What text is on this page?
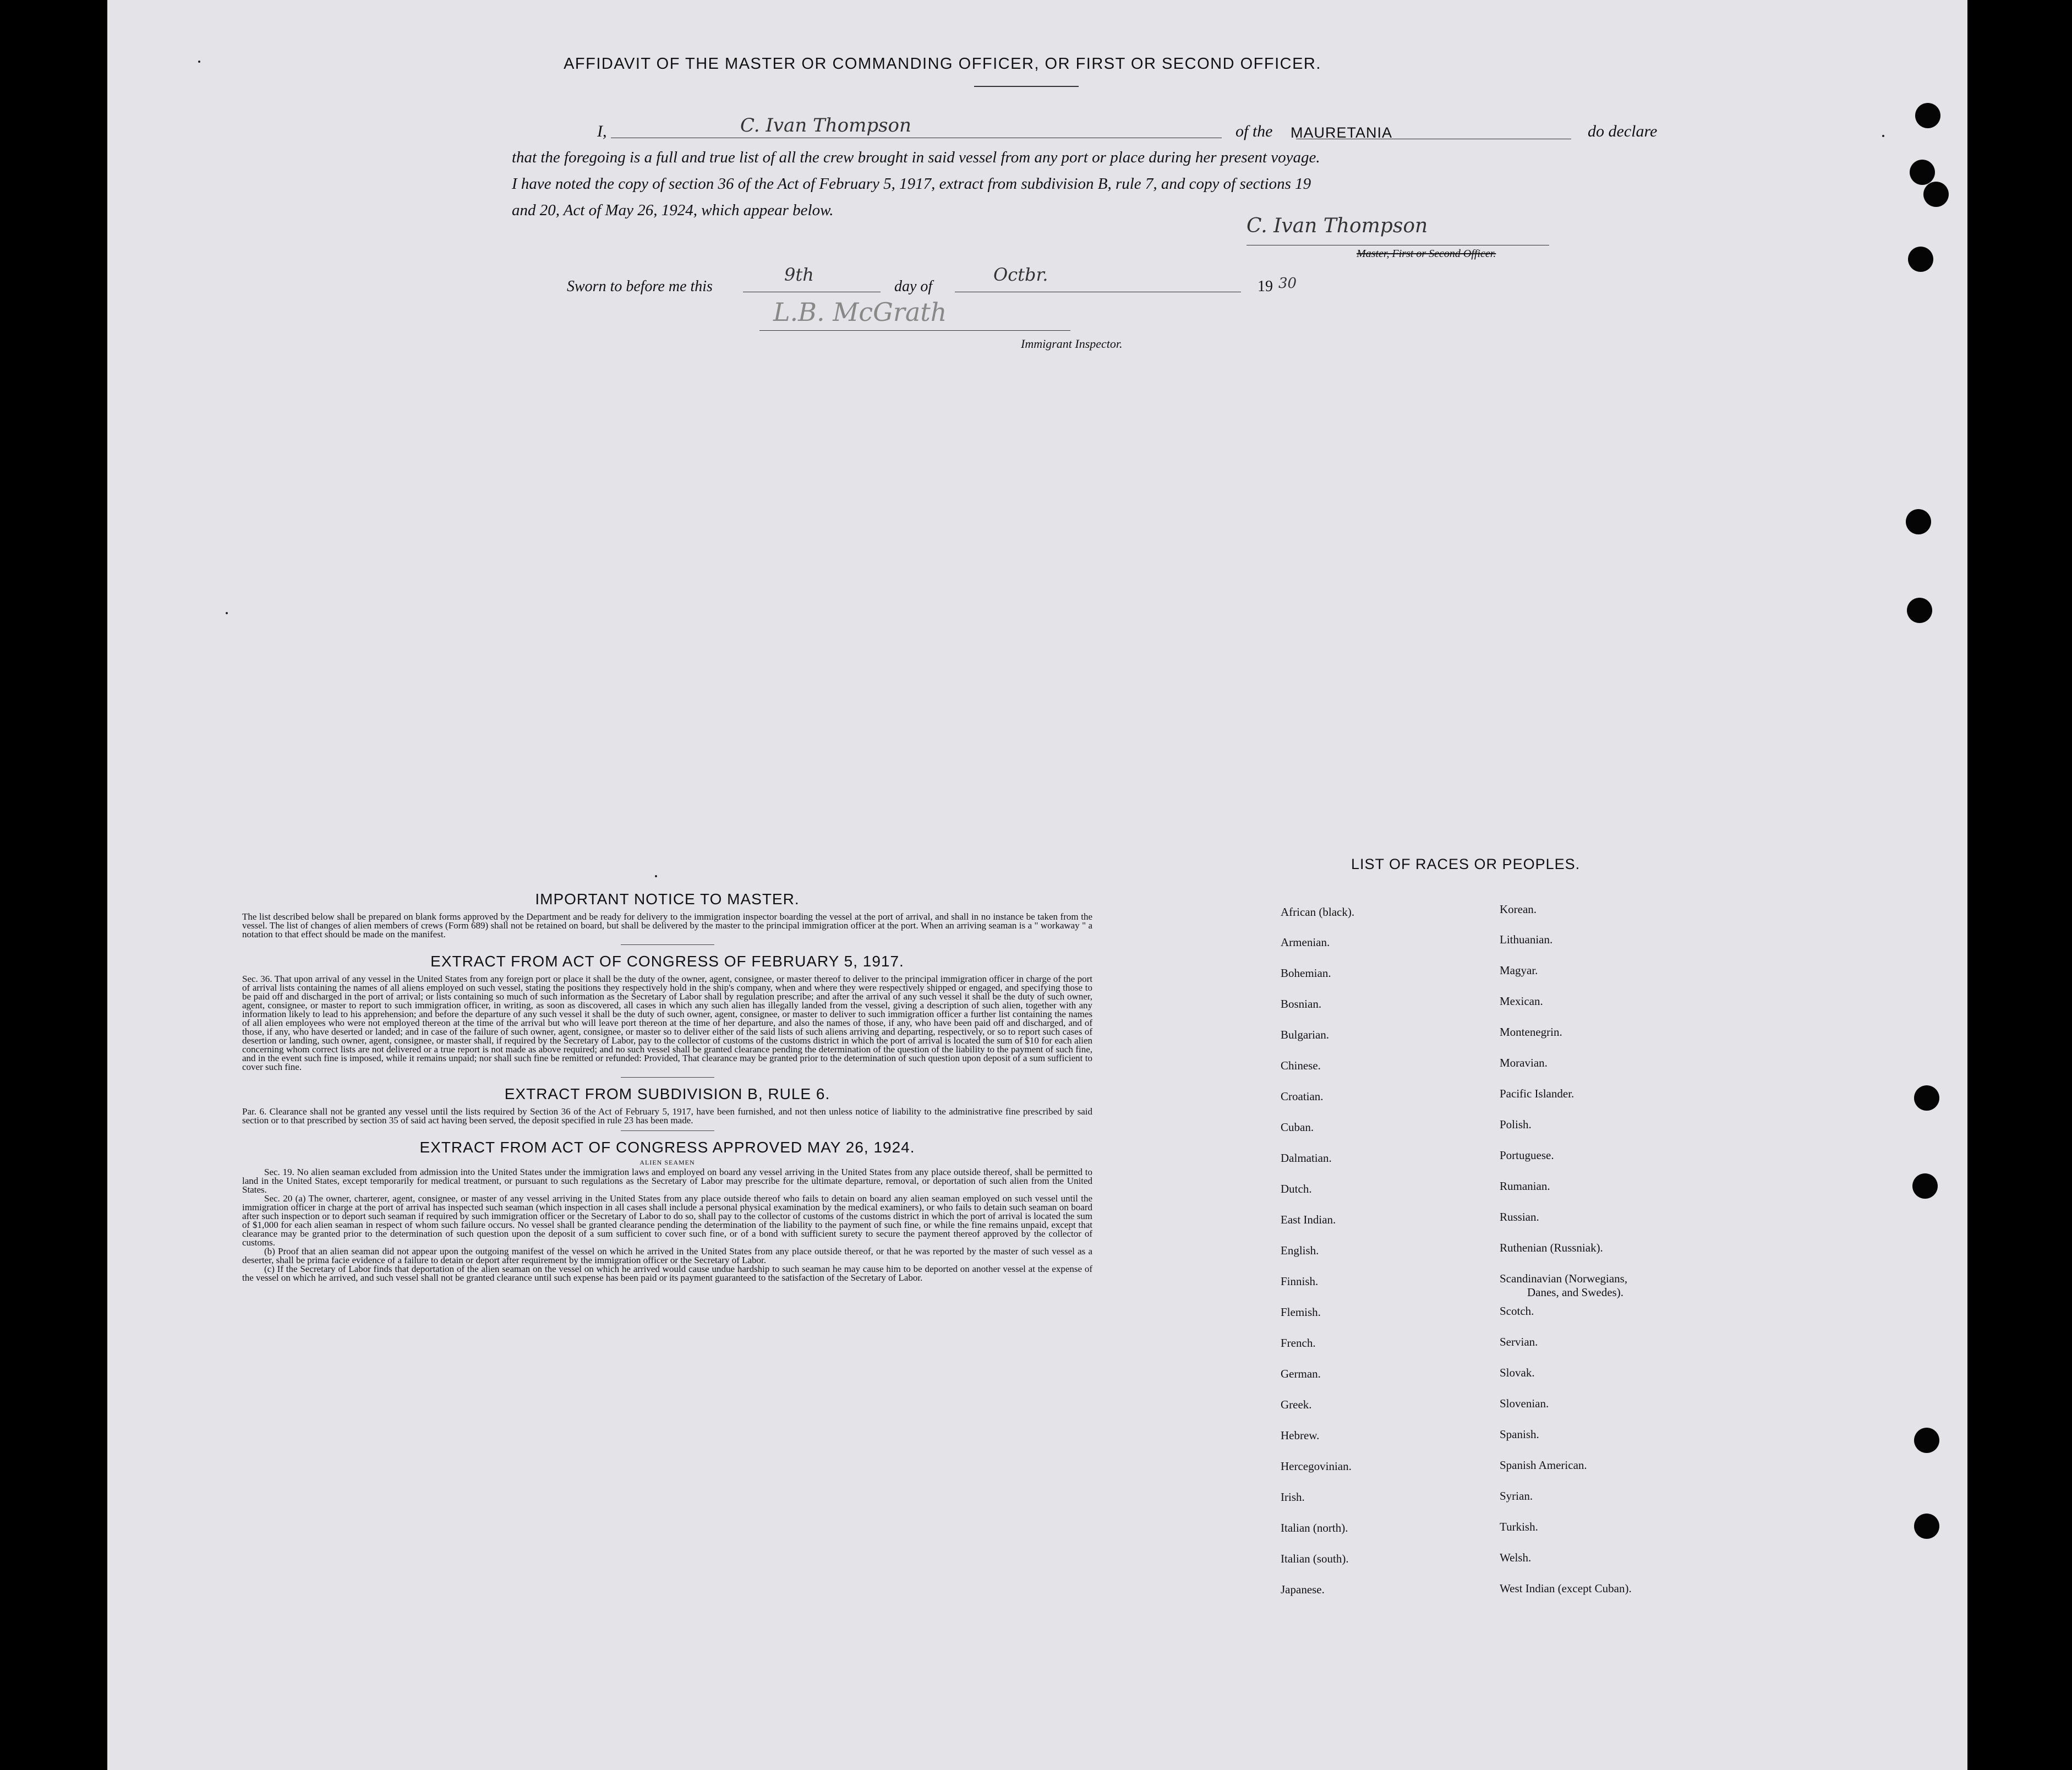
AFFIDAVIT OF THE MASTER OR COMMANDING OFFICER, OR FIRST OR SECOND OFFICER.
I,	C. Ivan Thompson	of the MAURETANIA	do declare
that the foregoing is a full and true list of all the crew brought in said vessel from any port or place during her present voyage.
I have noted the copy of section 36 of the Act of February 5, 1917, extract from subdivision B, rule 7, and copy of sections 19
and 20, Act of May 26, 1924, which appear below.
C. Ivan Thompson
Master, First or Second Officer.
Sworn to before me this
9th
day of
Octbr.
19 30
L.B. McGrath
Immigrant Inspector.
IMPORTANT NOTICE TO MASTER.
The list described below shall be prepared on blank forms approved by the Department and be ready for delivery to the immigration inspector boarding the vessel at the port of arrival, and shall in no instance be taken from the vessel. The list of changes of alien members of crews (Form 689) shall not be retained on board, but shall be delivered by the master to the principal immigration officer at the port. When an arriving seaman is a " workaway " a notation to that effect should be made on the manifest.
EXTRACT FROM ACT OF CONGRESS OF FEBRUARY 5, 1917.
Sec. 36. That upon arrival of any vessel in the United States from any foreign port or place it shall be the duty of the owner, agent, consignee, or master thereof to deliver to the principal immigration officer in charge of the port of arrival lists containing the names of all aliens employed on such vessel, stating the positions they respectively hold in the ship's company, when and where they were respectively shipped or engaged, and specifying those to be paid off and discharged in the port of arrival; or lists containing so much of such information as the Secretary of Labor shall by regulation prescribe; and after the arrival of any such vessel it shall be the duty of such owner, agent, consignee, or master to report to such immigration officer, in writing, as soon as discovered, all cases in which any such alien has illegally landed from the vessel, giving a description of such alien, together with any information likely to lead to his apprehension; and before the departure of any such vessel it shall be the duty of such owner, agent, consignee, or master to deliver to such immigration officer a further list containing the names of all alien employees who were not employed thereon at the time of the arrival but who will leave port thereon at the time of her departure, and also the names of those, if any, who have been paid off and discharged, and of those, if any, who have deserted or landed; and in case of the failure of such owner, agent, consignee, or master so to deliver either of the said lists of such aliens arriving and departing, respectively, or so to report such cases of desertion or landing, such owner, agent, consignee, or master shall, if required by the Secretary of Labor, pay to the collector of customs of the customs district in which the port of arrival is located the sum of $10 for each alien concerning whom correct lists are not delivered or a true report is not made as above required; and no such vessel shall be granted clearance pending the determination of the question of the liability to the payment of such fine, and in the event such fine is imposed, while it remains unpaid; nor shall such fine be remitted or refunded: Provided, That clearance may be granted prior to the determination of such question upon deposit of a sum sufficient to cover such fine.
EXTRACT FROM SUBDIVISION B, RULE 6.
Par. 6. Clearance shall not be granted any vessel until the lists required by Section 36 of the Act of February 5, 1917, have been furnished, and not then unless notice of liability to the administrative fine prescribed by said section or to that prescribed by section 35 of said act having been served, the deposit specified in rule 23 has been made.
EXTRACT FROM ACT OF CONGRESS APPROVED MAY 26, 1924.
ALIEN SEAMEN
Sec. 19. No alien seaman excluded from admission into the United States under the immigration laws and employed on board any vessel arriving in the United States from any place outside thereof, shall be permitted to land in the United States, except temporarily for medical treatment, or pursuant to such regulations as the Secretary of Labor may prescribe for the ultimate departure, removal, or deportation of such alien from the United States.
Sec. 20 (a) The owner, charterer, agent, consignee, or master of any vessel arriving in the United States from any place outside thereof who fails to detain on board any alien seaman employed on such vessel until the immigration officer in charge at the port of arrival has inspected such seaman (which inspection in all cases shall include a personal physical examination by the medical examiners), or who fails to detain such seaman on board after such inspection or to deport such seaman if required by such immigration officer or the Secretary of Labor to do so, shall pay to the collector of customs of the customs district in which the port of arrival is located the sum of $1,000 for each alien seaman in respect of whom such failure occurs. No vessel shall be granted clearance pending the determination of the liability to the payment of such fine, or while the fine remains unpaid, except that clearance may be granted prior to the determination of such question upon the deposit of a sum sufficient to cover such fine, or of a bond with sufficient surety to secure the payment thereof approved by the collector of customs.
(b) Proof that an alien seaman did not appear upon the outgoing manifest of the vessel on which he arrived in the United States from any place outside thereof, or that he was reported by the master of such vessel as a deserter, shall be prima facie evidence of a failure to detain or deport after requirement by the immigration officer or the Secretary of Labor.
(c) If the Secretary of Labor finds that deportation of the alien seaman on the vessel on which he arrived would cause undue hardship to such seaman he may cause him to be deported on another vessel at the expense of the vessel on which he arrived, and such vessel shall not be granted clearance until such expense has been paid or its payment guaranteed to the satisfaction of the Secretary of Labor.
LIST OF RACES OR PEOPLES.
African (black).
Armenian.
Bohemian.
Bosnian.
Bulgarian.
Chinese.
Croatian.
Cuban.
Dalmatian.
Dutch.
East Indian.
English.
Finnish.
Flemish.
French.
German.
Greek.
Hebrew.
Hercegovinian.
Irish.
Italian (north).
Italian (south).
Japanese.
Korean.
Lithuanian.
Magyar.
Mexican.
Montenegrin.
Moravian.
Pacific Islander.
Polish.
Portuguese.
Rumanian.
Russian.
Ruthenian (Russniak).
Scandinavian (Norwegians,
Danes, and Swedes).
Scotch.
Servian.
Slovak.
Slovenian.
Spanish.
Spanish American.
Syrian.
Turkish.
Welsh.
West Indian (except Cuban).
